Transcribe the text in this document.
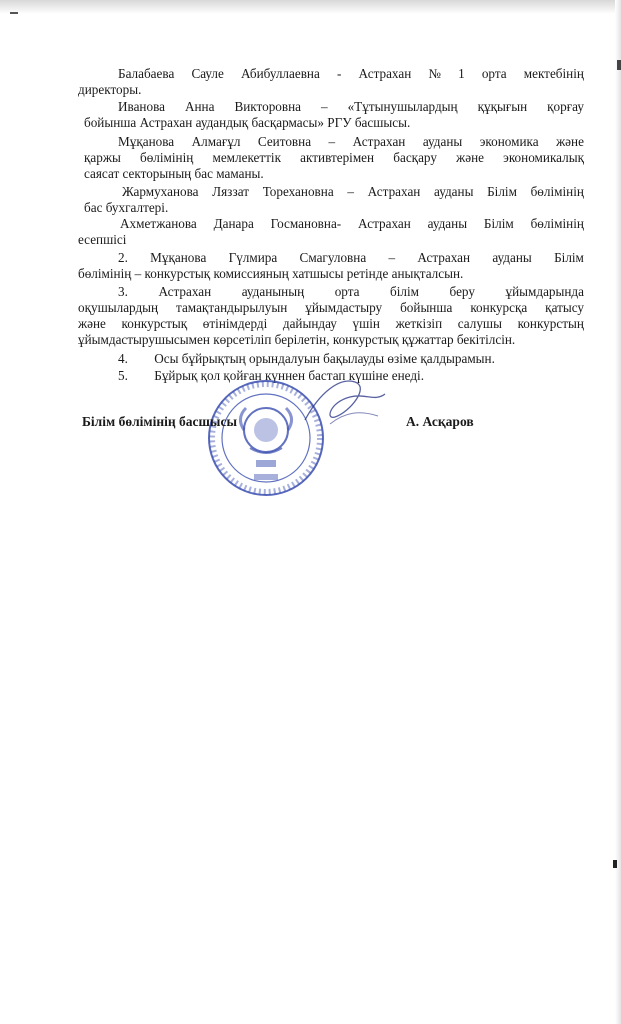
Балабаева Сауле Абибуллаевна - Астрахан № 1 орта мектебінің
директоры.
Иванова Анна Викторовна – «Тұтынушылардың құқығын қорғау
бойынша Астрахан аудандық басқармасы» РГУ басшысы.
Мұқанова Алмағұл Сеитовна – Астрахан ауданы экономика және
қаржы бөлімінің мемлекеттік активтерімен басқару және экономикалық
саясат секторының бас маманы.
Жармуханова Ляззат Торехановна – Астрахан ауданы Білім бөлімінің
бас бухгалтері.
Ахметжанова Данара Госмановна- Астрахан ауданы Білім бөлімінің
есепшісі
2. Мұқанова Гүлмира Смагуловна – Астрахан ауданы Білім
бөлімінің – конкурстық комиссияның хатшысы ретінде анықталсын.
3. Астрахан ауданының орта білім беру ұйымдарында
оқушылардың тамақтандырылуын ұйымдастыру бойынша конкурсқа қатысу
және конкурстық өтінімдерді дайындау үшін жеткізіп салушы конкурстың
ұйымдастырушысымен көрсетіліп берілетін, конкурстық құжаттар бекітілсін.
4.        Осы бұйрықтың орындалуын бақылауды өзіме қалдырамын.
5.        Бұйрық қол қойған күннен бастап күшіне енеді.
Білім бөлімінің басшысы	А. Асқаров
